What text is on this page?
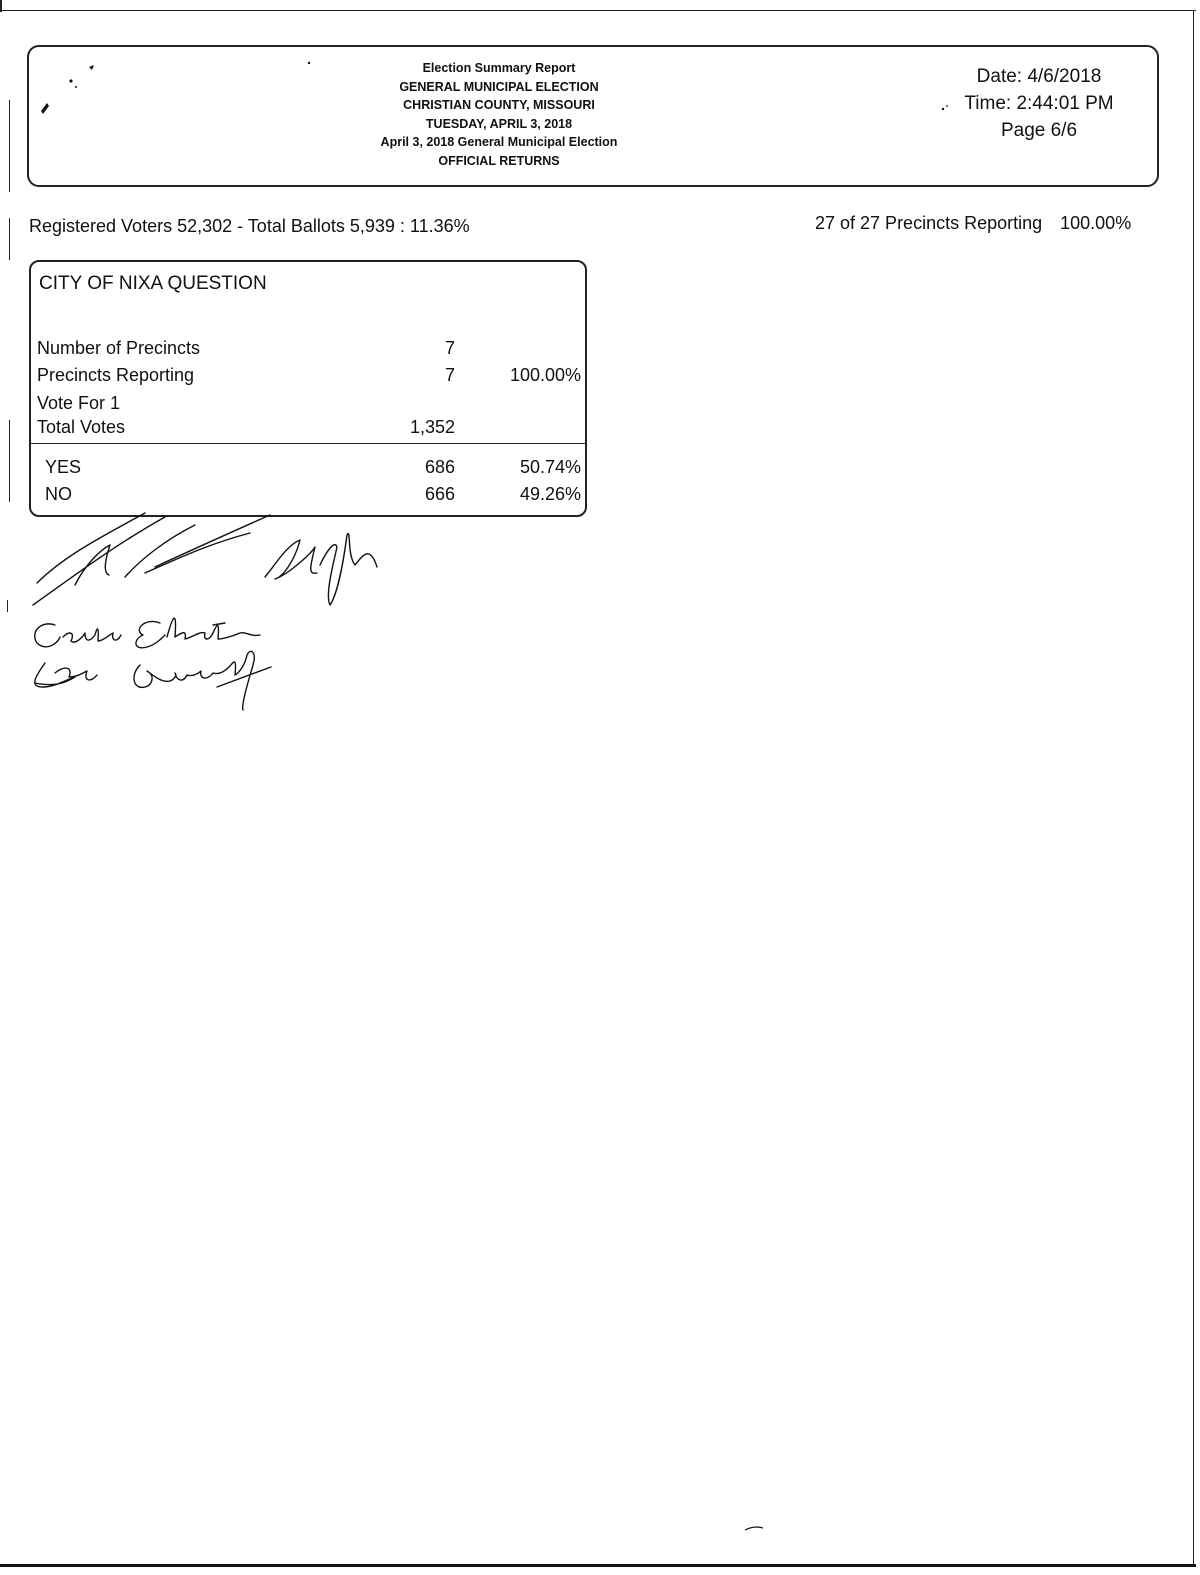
Election Summary Report
GENERAL MUNICIPAL ELECTION
CHRISTIAN COUNTY, MISSOURI
TUESDAY, APRIL 3, 2018
April 3, 2018 General Municipal Election
OFFICIAL RETURNS
Date: 4/6/2018
Time: 2:44:01 PM
Page 6/6
Registered Voters 52,302 - Total Ballots 5,939 : 11.36%	27 of 27 Precincts Reporting 100.00%
CITY OF NIXA QUESTION
Number of Precincts	7
Precincts Reporting	7	100.00%
Vote For 1
Total Votes	1,352
YES	686	50.74%
NO	666	49.26%
